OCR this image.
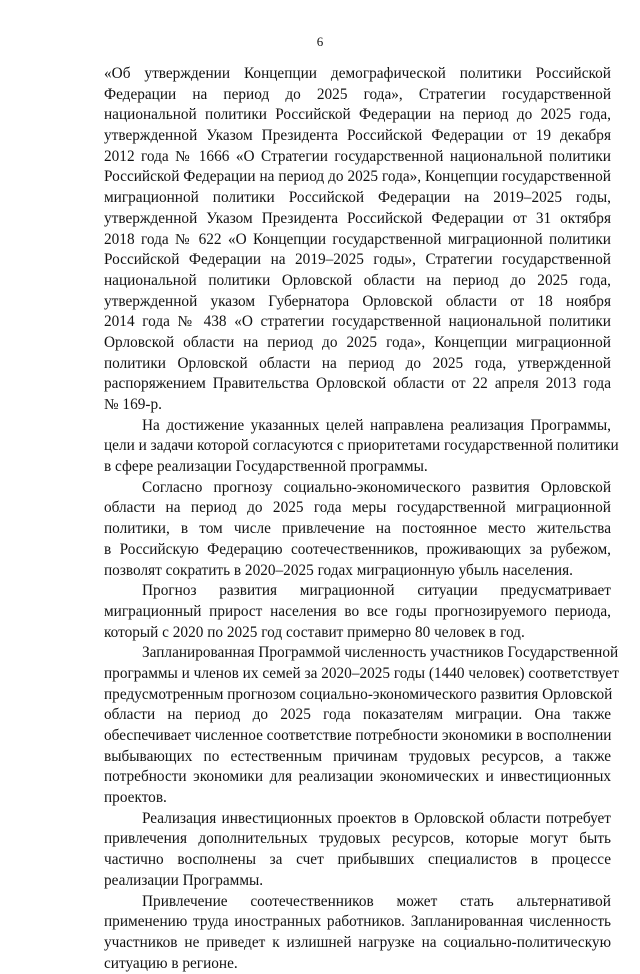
6
«Об утверждении Концепции демографической политики Российской
Федерации на период до 2025 года», Стратегии государственной
национальной политики Российской Федерации на период до 2025 года,
утвержденной Указом Президента Российской Федерации от 19 декабря
2012 года № 1666 «О Стратегии государственной национальной политики
Российской Федерации на период до 2025 года», Концепции государственной
миграционной политики Российской Федерации на 2019–2025 годы,
утвержденной Указом Президента Российской Федерации от 31 октября
2018 года № 622 «О Концепции государственной миграционной политики
Российской Федерации на 2019–2025 годы», Стратегии государственной
национальной политики Орловской области на период до 2025 года,
утвержденной указом Губернатора Орловской области от 18 ноября
2014 года № 438 «О стратегии государственной национальной политики
Орловской области на период до 2025 года», Концепции миграционной
политики Орловской области на период до 2025 года, утвержденной
распоряжением Правительства Орловской области от 22 апреля 2013 года
№ 169-р.
На достижение указанных целей направлена реализация Программы,
цели и задачи которой согласуются с приоритетами государственной политики
в сфере реализации Государственной программы.
Согласно прогнозу социально-экономического развития Орловской
области на период до 2025 года меры государственной миграционной
политики, в том числе привлечение на постоянное место жительства
в Российскую Федерацию соотечественников, проживающих за рубежом,
позволят сократить в 2020–2025 годах миграционную убыль населения.
Прогноз развития миграционной ситуации предусматривает
миграционный прирост населения во все годы прогнозируемого периода,
который с 2020 по 2025 год составит примерно 80 человек в год.
Запланированная Программой численность участников Государственной
программы и членов их семей за 2020–2025 годы (1440 человек) соответствует
предусмотренным прогнозом социально-экономического развития Орловской
области на период до 2025 года показателям миграции. Она также
обеспечивает численное соответствие потребности экономики в восполнении
выбывающих по естественным причинам трудовых ресурсов, а также
потребности экономики для реализации экономических и инвестиционных
проектов.
Реализация инвестиционных проектов в Орловской области потребует
привлечения дополнительных трудовых ресурсов, которые могут быть
частично восполнены за счет прибывших специалистов в процессе
реализации Программы.
Привлечение соотечественников может стать альтернативой
применению труда иностранных работников. Запланированная численность
участников не приведет к излишней нагрузке на социально-политическую
ситуацию в регионе.
